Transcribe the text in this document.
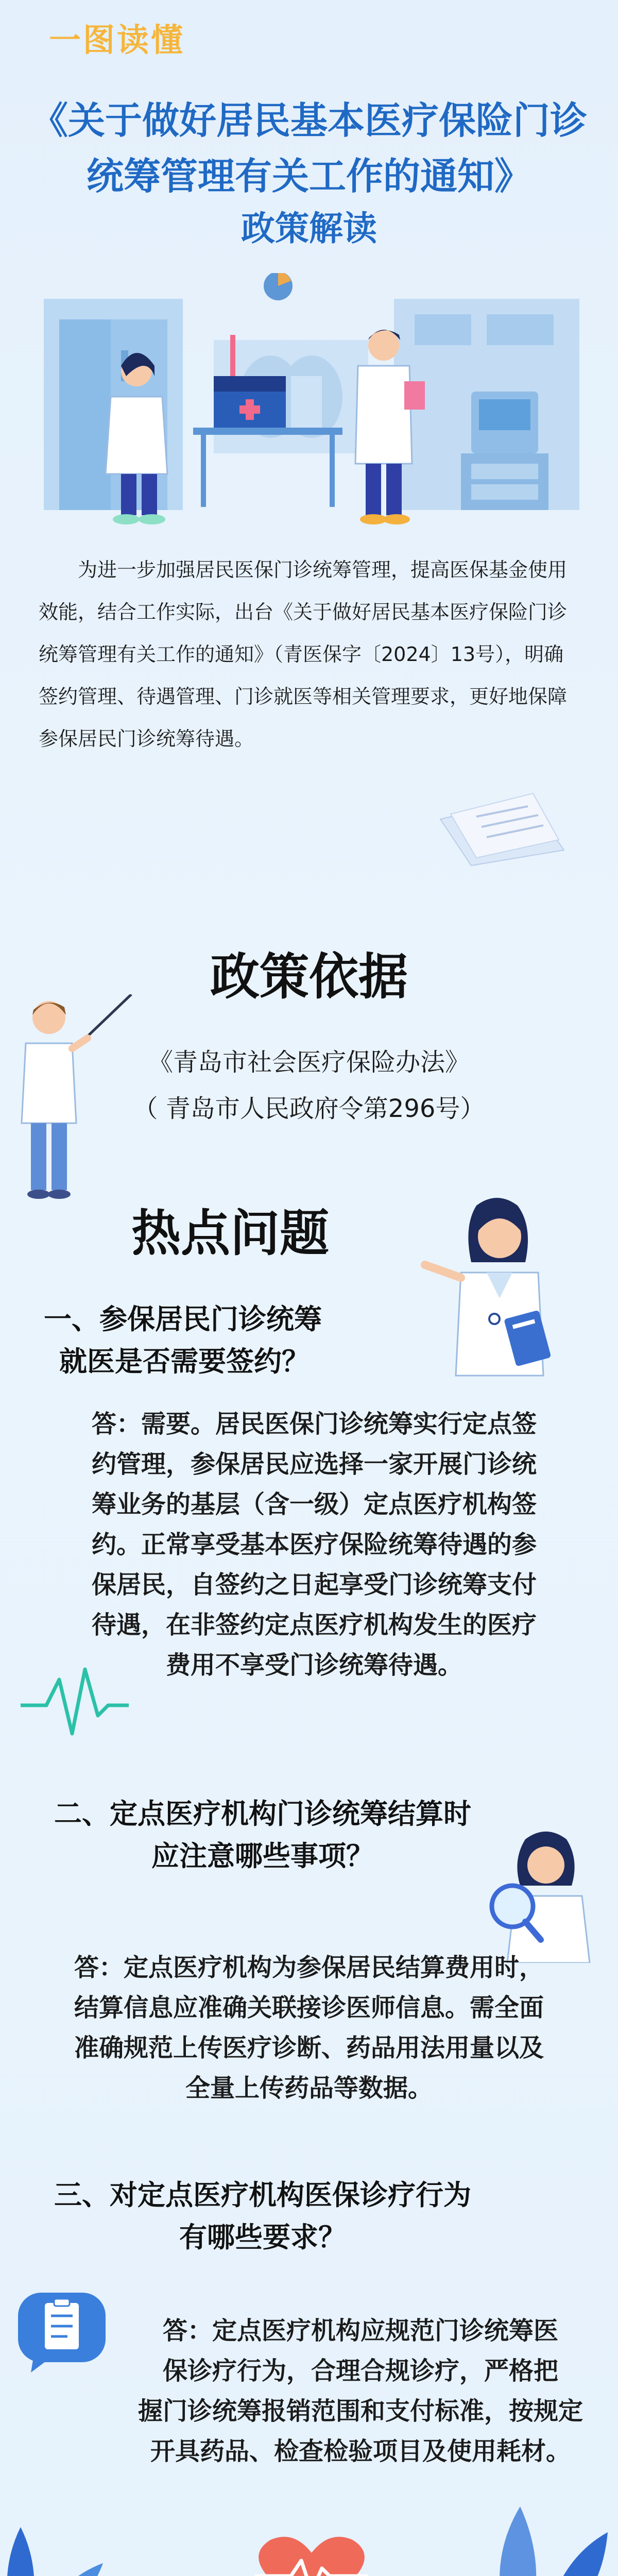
一图读懂
《关于做好居民基本医疗保险门诊
统筹管理有关工作的通知》
政策解读
为进一步加强居民医保门诊统筹管理，提高医保基金使用效能，结合工作实际，出台《关于做好居民基本医疗保险门诊统筹管理有关工作的通知》（青医保字〔2024〕13号），明确签约管理、待遇管理、门诊就医等相关管理要求，更好地保障参保居民门诊统筹待遇。
政策依据
《青岛市社会医疗保险办法》
（ 青岛市人民政府令第296号）
热点问题
一、参保居民门诊统筹
就医是否需要签约？
答：需要。居民医保门诊统筹实行定点签
约管理，参保居民应选择一家开展门诊统
筹业务的基层（含一级）定点医疗机构签
约。正常享受基本医疗保险统筹待遇的参
保居民，自签约之日起享受门诊统筹支付
待遇，在非签约定点医疗机构发生的医疗
费用不享受门诊统筹待遇。
二、定点医疗机构门诊统筹结算时
应注意哪些事项？
答：定点医疗机构为参保居民结算费用时，
结算信息应准确关联接诊医师信息。需全面
准确规范上传医疗诊断、药品用法用量以及
全量上传药品等数据。
三、对定点医疗机构医保诊疗行为
有哪些要求？
答：定点医疗机构应规范门诊统筹医
保诊疗行为，合理合规诊疗，严格把
握门诊统筹报销范围和支付标准，按规定
开具药品、检查检验项目及使用耗材。
